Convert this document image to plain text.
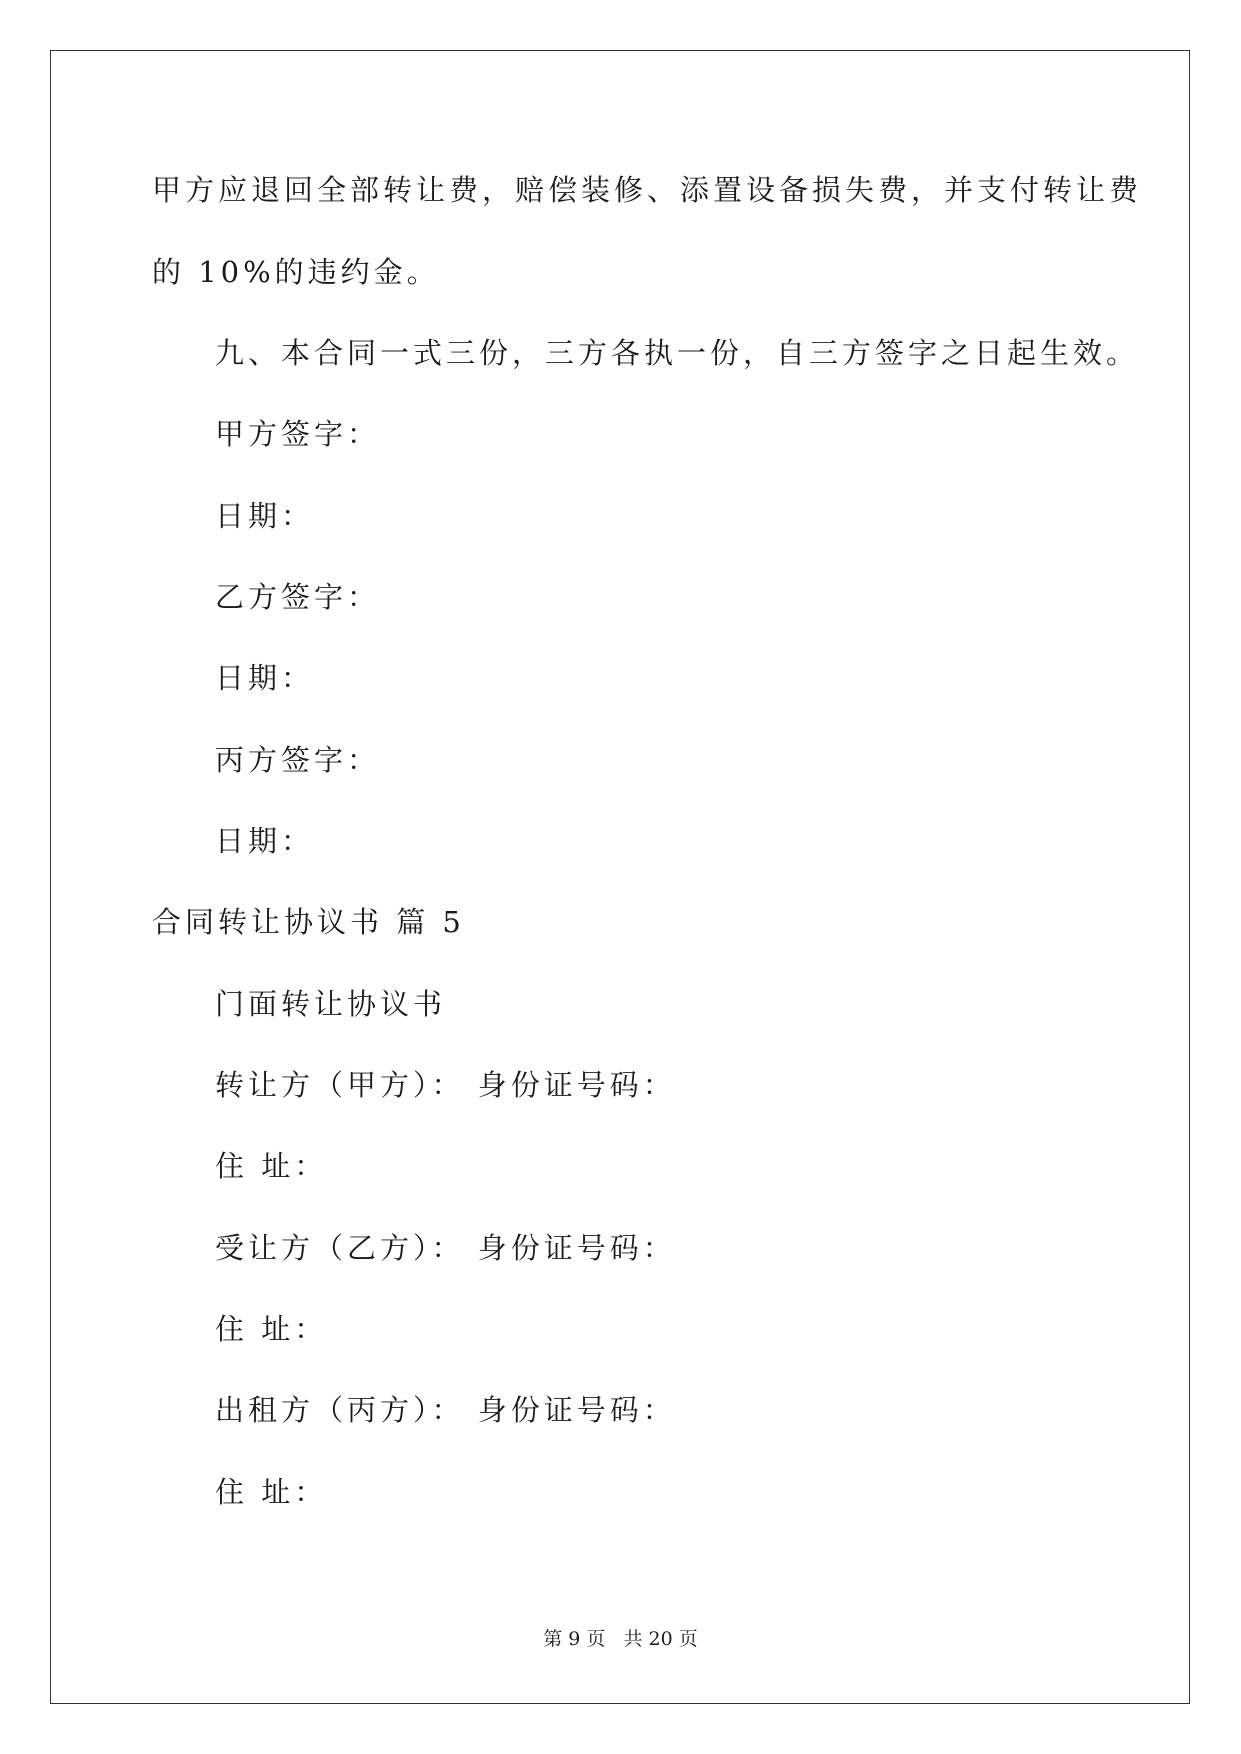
甲方应退回全部转让费，赔偿装修、添置设备损失费，并支付转让费
的 10%的违约金。
九、本合同一式三份，三方各执一份，自三方签字之日起生效。
甲方签字：
日期：
乙方签字：
日期：
丙方签字：
日期：
合同转让协议书 篇 5
门面转让协议书
转让方（甲方）： 身份证号码：
住 址：
受让方（乙方）： 身份证号码：
住 址：
出租方（丙方）： 身份证号码：
住 址：
第 9 页   共 20 页
